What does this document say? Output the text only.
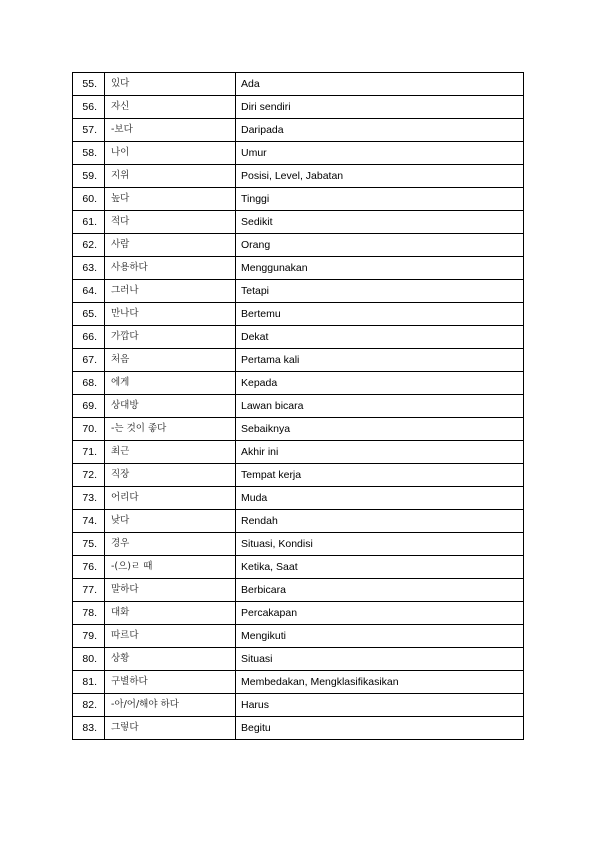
55.	있다	Ada
56.	자신	Diri sendiri
57.	-보다	Daripada
58.	나이	Umur
59.	지위	Posisi, Level, Jabatan
60.	높다	Tinggi
61.	적다	Sedikit
62.	사람	Orang
63.	사용하다	Menggunakan
64.	그러나	Tetapi
65.	만나다	Bertemu
66.	가깝다	Dekat
67.	처음	Pertama kali
68.	에게	Kepada
69.	상대방	Lawan bicara
70.	-는 것이 좋다	Sebaiknya
71.	최근	Akhir ini
72.	직장	Tempat kerja
73.	어리다	Muda
74.	낮다	Rendah
75.	경우	Situasi, Kondisi
76.	-(으)ㄹ 때	Ketika, Saat
77.	말하다	Berbicara
78.	대화	Percakapan
79.	따르다	Mengikuti
80.	상황	Situasi
81.	구별하다	Membedakan, Mengklasifikasikan
82.	-아/어/해야 하다	Harus
83.	그렇다	Begitu
